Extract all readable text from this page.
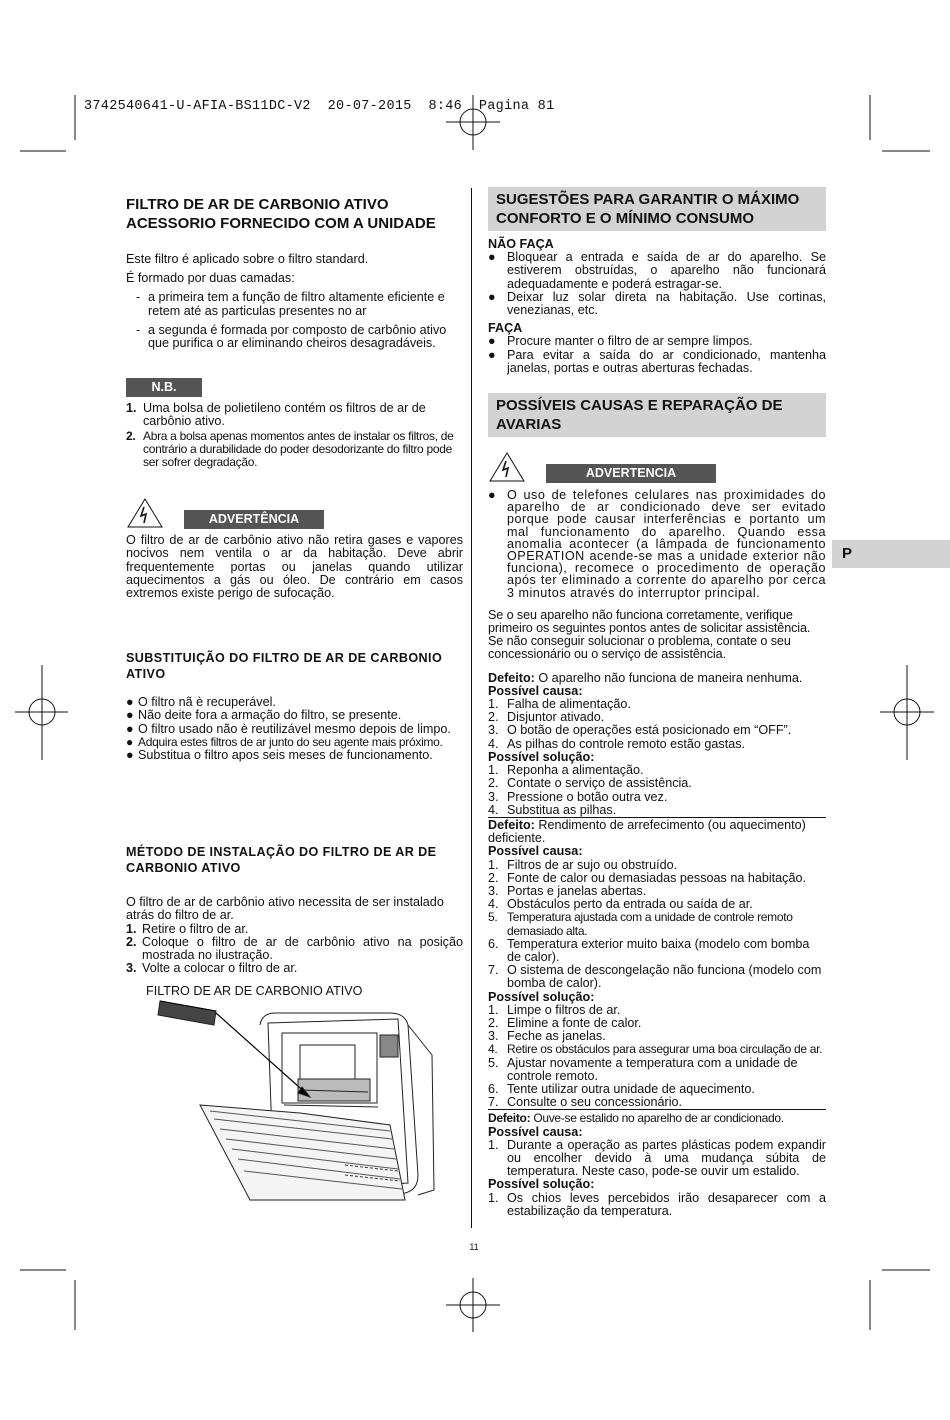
3742540641-U-AFIA-BS11DC-V2  20-07-2015  8:46  Pagina 81
FILTRO DE AR DE CARBONIO ATIVO
ACESSORIO FORNECIDO COM A UNIDADE

Este filtro é aplicado sobre o filtro standard.

É formado por duas camadas:

- a primeira tem a função de filtro altamente eficiente e retem até as particulas presentes no ar
- a segunda é formada por composto de carbônio ativo que purifica o ar eliminando cheiros desagradáveis.
N.B.
1. Uma bolsa de polietileno contém os filtros de ar de carbônio ativo.
2. Abra a bolsa apenas momentos antes de instalar os filtros, de contrário a durabilidade do poder desodorizante do filtro pode ser sofrer degradação.
ADVERTÊNCIA

O filtro de ar de carbônio ativo não retira gases e vapores nocivos nem ventila o ar da habitação. Deve abrir frequentemente portas ou janelas quando utilizar aquecimentos a gás ou óleo. De contrário em casos extremos existe perigo de sufocação.

SUBSTITUIÇÃO DO FILTRO DE AR DE CARBONIO
ATIVO
● O filtro nã è recuperável.
● Não deite fora a armação do filtro, se presente.
● O filtro usado não è reutilizável mesmo depois de limpo.
● Adquira estes filtros de ar junto do seu agente mais próximo.
● Substitua o filtro apos seis meses de funcionamento.
MÉTODO DE INSTALAÇÃO DO FILTRO DE AR DE
CARBONIO ATIVO

O filtro de ar de carbônio ativo necessita de ser instalado atrás do filtro de ar.

1. Retire o filtro de ar.
2. Coloque o filtro de ar de carbônio ativo na posição mostrada no ilustração.
3. Volte a colocar o filtro de ar.

FILTRO DE AR DE CARBONIO ATIVO

SUGESTÕES PARA GARANTIR O MÁXIMO
CONFORTO E O MÍNIMO CONSUMO
NÃO FAÇA
● Bloquear a entrada e saída de ar do aparelho. Se estiverem obstruídas, o aparelho não funcionará adequadamente e poderá estragar-se.
● Deixar luz solar direta na habitação. Use cortinas, venezianas, etc.
FAÇA
● Procure manter o filtro de ar sempre limpos.
● Para evitar a saída do ar condicionado, mantenha janelas, portas e outras aberturas fechadas.
POSSÍVEIS CAUSAS E REPARAÇÃO DE
AVARIAS
ADVERTENCIA
● O uso de telefones celulares nas proximidades do aparelho de ar condicionado deve ser evitado porque pode causar interferências e portanto um mal funcionamento do aparelho. Quando essa anomalia acontecer (a lâmpada de funcionamento OPERATION acende-se mas a unidade exterior não funciona), recomece o procedimento de operação após ter eliminado a corrente do aparelho por cerca 3 minutos através do interruptor principal.

Se o seu aparelho não funciona corretamente, verifique primeiro os seguintes pontos antes de solicitar assistência. Se não conseguir solucionar o problema, contate o seu concessionário ou o serviço de assistência.

Defeito: O aparelho não funciona de maneira nenhuma.
Possível causa:
1. Falha de alimentação.
2. Disjuntor ativado.
3. O botão de operações está posicionado em “OFF”.
4. As pilhas do controle remoto estão gastas.
Possível solução:
1. Reponha a alimentação.
2. Contate o serviço de assistência.
3. Pressione o botão outra vez.
4. Substitua as pilhas.
Defeito: Rendimento de arrefecimento (ou aquecimento) deficiente.
Possível causa:
1. Filtros de ar sujo ou obstruído.
2. Fonte de calor ou demasiadas pessoas na habitação.
3. Portas e janelas abertas.
4. Obstáculos perto da entrada ou saída de ar.
5. Temperatura ajustada com a unidade de controle remoto demasiado alta.
6. Temperatura exterior muito baixa (modelo com bomba de calor).
7. O sistema de descongelação não funciona (modelo com bomba de calor).
Possível solução:
1. Limpe o filtros de ar.
2. Elimine a fonte de calor.
3. Feche as janelas.
4. Retire os obstáculos para assegurar uma boa circulação de ar.
5. Ajustar novamente a temperatura com a unidade de controle remoto.
6. Tente utilizar outra unidade de aquecimento.
7. Consulte o seu concessionário.
Defeito: Ouve-se estalido no aparelho de ar condicionado.
Possível causa:
1. Durante a operação as partes plásticas podem expandir ou encolher devido à uma mudança súbita de temperatura. Neste caso, pode-se ouvir um estalido.
Possível solução:
1. Os chios leves percebidos irão desaparecer com a estabilização da temperatura.
P
11
